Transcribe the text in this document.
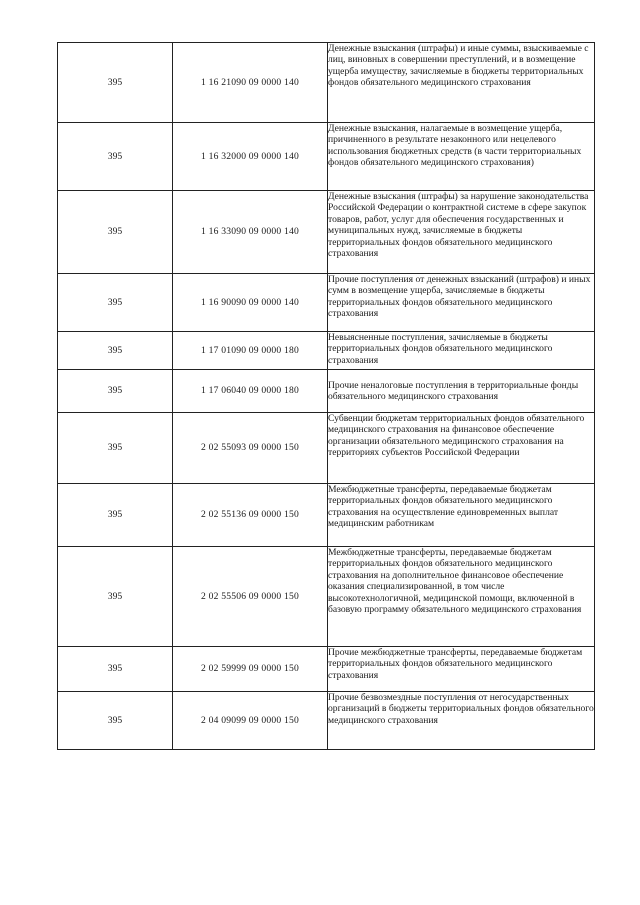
395	1 16 21090 09 0000 140	Денежные взыскания (штрафы) и иные суммы, взыскиваемые с лиц, виновных в совершении преступлений, и в возмещение ущерба имуществу, зачисляемые в бюджеты территориальных фондов обязательного медицинского страхования
395	1 16 32000 09 0000 140	Денежные взыскания, налагаемые в возмещение ущерба, причиненного в результате незаконного или нецелевого использования бюджетных средств (в части территориальных фондов обязательного медицинского страхования)
395	1 16 33090 09 0000 140	Денежные взыскания (штрафы) за нарушение законодательства Российской Федерации о контрактной системе в сфере закупок товаров, работ, услуг для обеспечения государственных и муниципальных нужд, зачисляемые в бюджеты территориальных фондов обязательного медицинского страхования
395	1 16 90090 09 0000 140	Прочие поступления от денежных взысканий (штрафов) и иных сумм в возмещение ущерба, зачисляемые в бюджеты территориальных фондов обязательного медицинского страхования
395	1 17 01090 09 0000 180	Невыясненные поступления, зачисляемые в бюджеты территориальных фондов обязательного медицинского страхования
395	1 17 06040 09 0000 180	Прочие неналоговые поступления в территориальные фонды обязательного медицинского страхования
395	2 02 55093 09 0000 150	Субвенции бюджетам территориальных фондов обязательного медицинского страхования на финансовое обеспечение организации обязательного медицинского страхования на территориях субъектов Российской Федерации
395	2 02 55136 09 0000 150	Межбюджетные трансферты, передаваемые бюджетам территориальных фондов обязательного медицинского страхования на осуществление единовременных выплат медицинским работникам
395	2 02 55506 09 0000 150	Межбюджетные трансферты, передаваемые бюджетам территориальных фондов обязательного медицинского страхования на дополнительное финансовое обеспечение оказания специализированной, в том числе высокотехнологичной, медицинской помощи, включенной в базовую программу обязательного медицинского страхования
395	2 02 59999 09 0000 150	Прочие межбюджетные трансферты, передаваемые бюджетам территориальных фондов обязательного медицинского страхования
395	2 04 09099 09 0000 150	Прочие безвозмездные поступления от негосударственных организаций в бюджеты территориальных фондов обязательного медицинского страхования
